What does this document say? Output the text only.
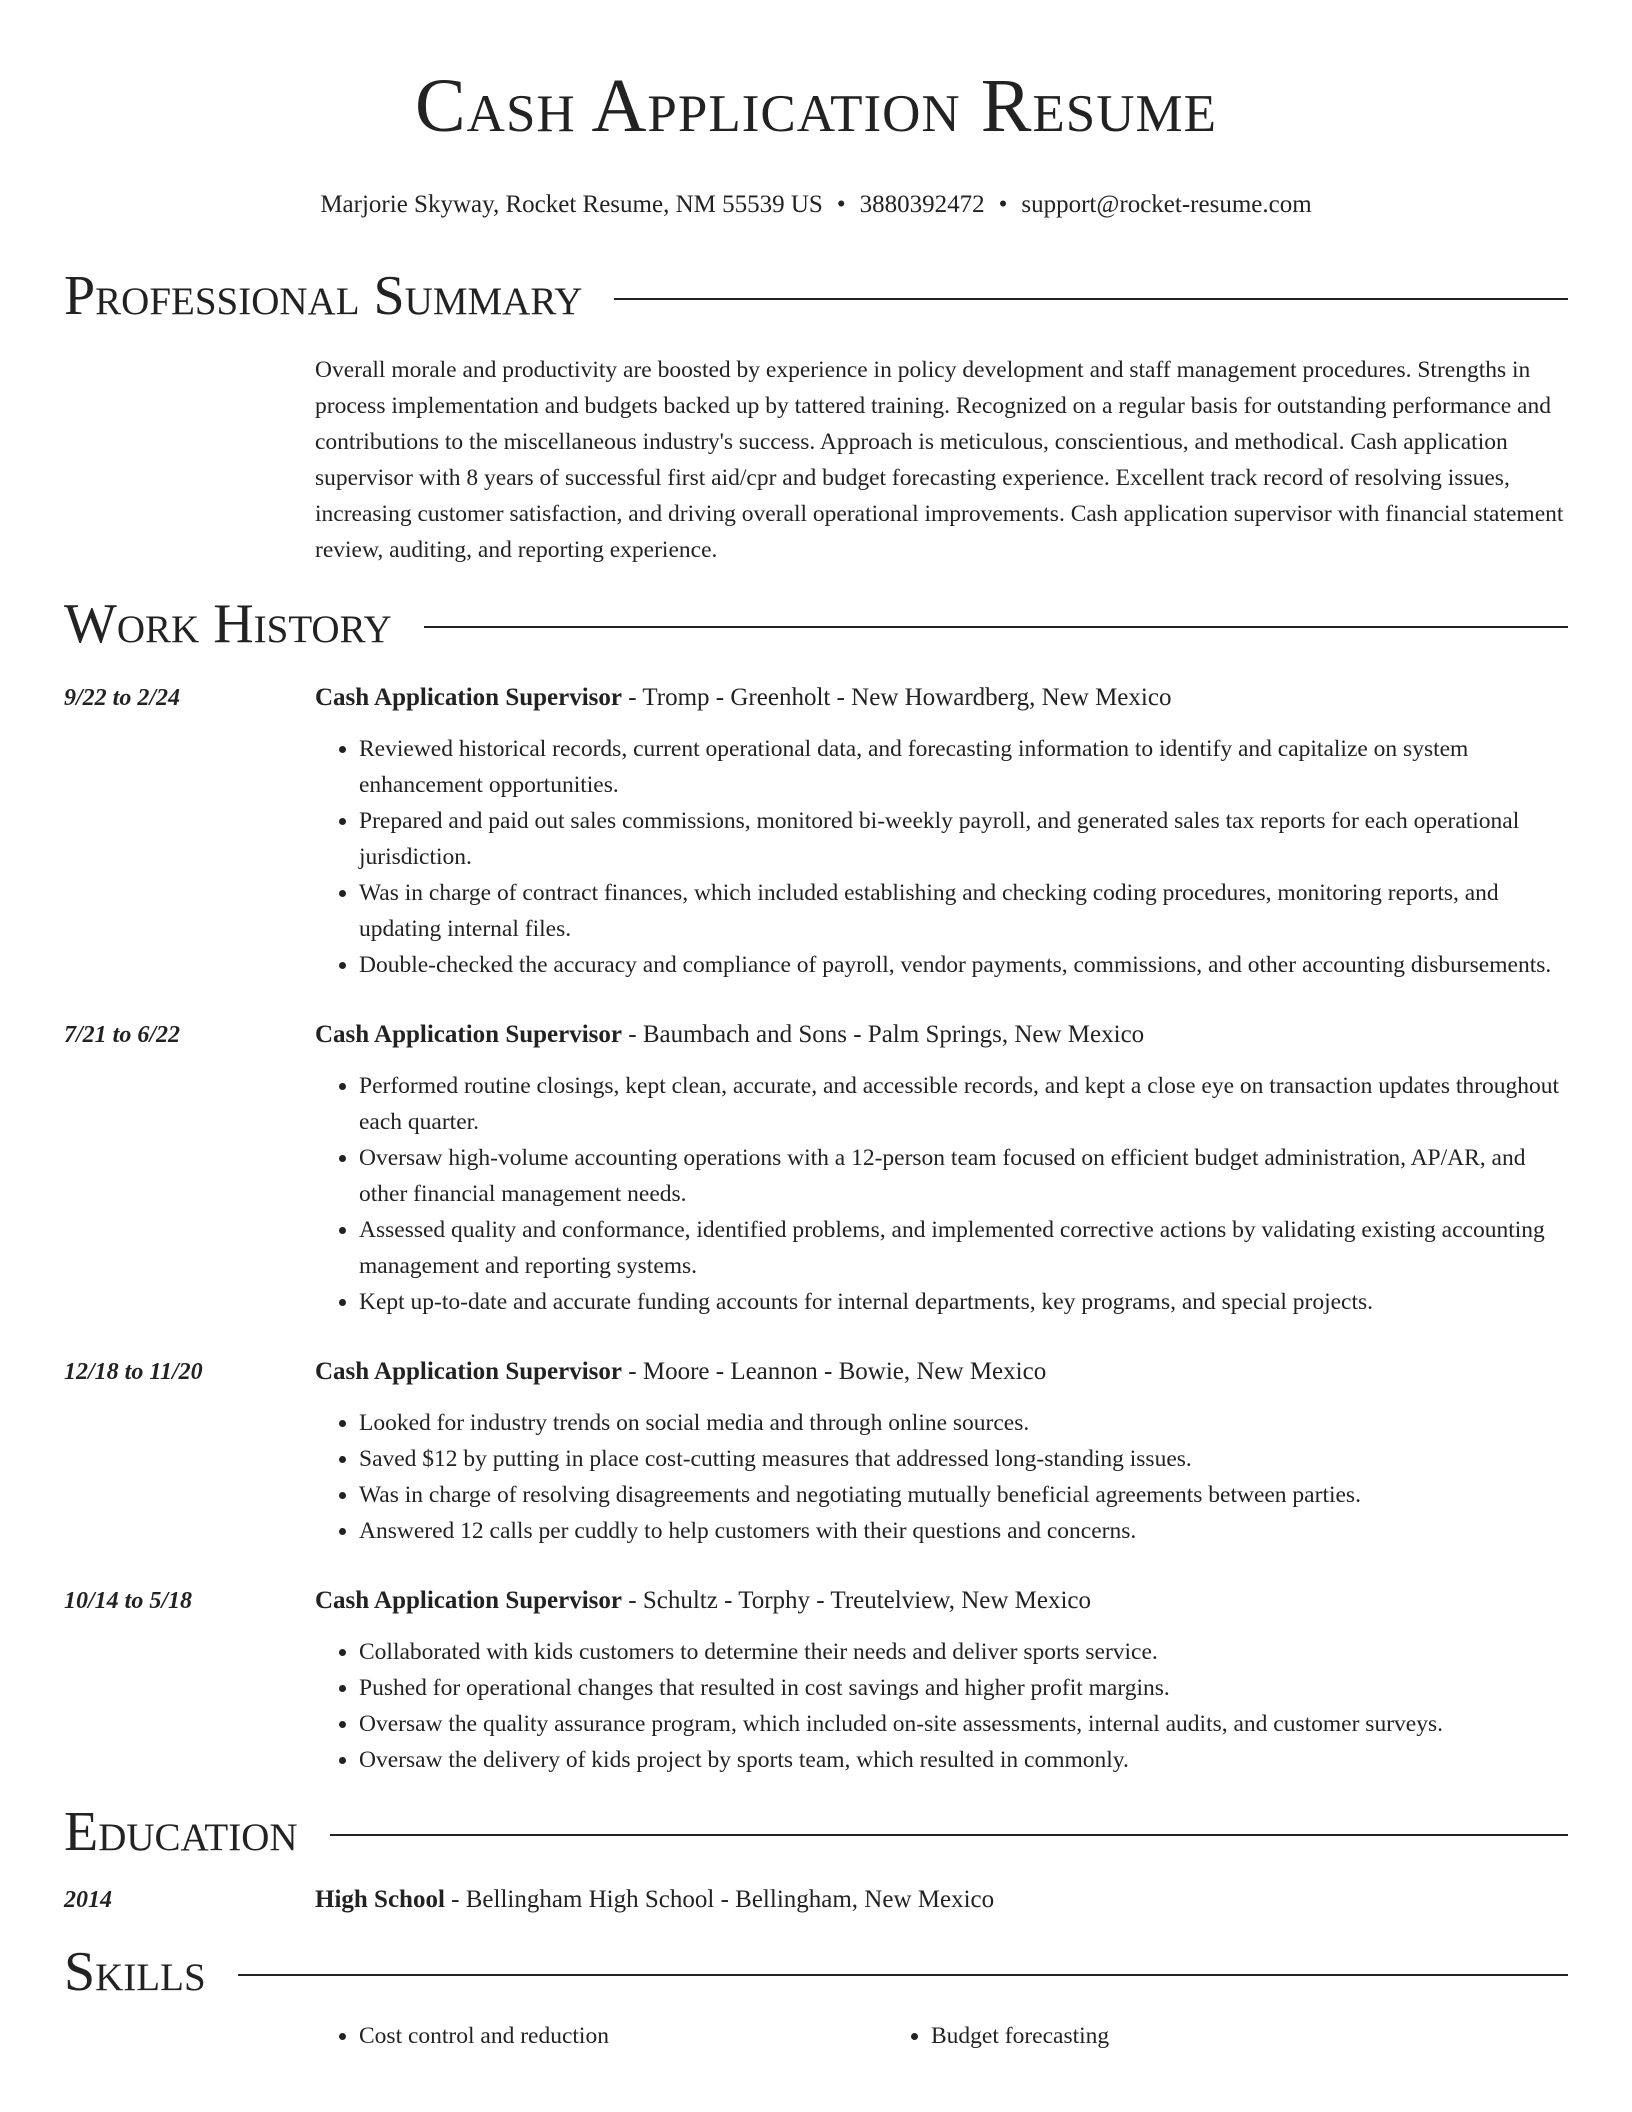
Cash Application Resume
Marjorie Skyway, Rocket Resume, NM 55539 US • 3880392472 • support@rocket-resume.com
Professional Summary
Overall morale and productivity are boosted by experience in policy development and staff management procedures. Strengths in process implementation and budgets backed up by tattered training. Recognized on a regular basis for outstanding performance and contributions to the miscellaneous industry's success. Approach is meticulous, conscientious, and methodical. Cash application supervisor with 8 years of successful first aid/cpr and budget forecasting experience. Excellent track record of resolving issues, increasing customer satisfaction, and driving overall operational improvements. Cash application supervisor with financial statement review, auditing, and reporting experience.
Work History
9/22 to 2/24	Cash Application Supervisor - Tromp - Greenholt - New Howardberg, New Mexico
• Reviewed historical records, current operational data, and forecasting information to identify and capitalize on system enhancement opportunities.
• Prepared and paid out sales commissions, monitored bi-weekly payroll, and generated sales tax reports for each operational jurisdiction.
• Was in charge of contract finances, which included establishing and checking coding procedures, monitoring reports, and updating internal files.
• Double-checked the accuracy and compliance of payroll, vendor payments, commissions, and other accounting disbursements.
7/21 to 6/22	Cash Application Supervisor - Baumbach and Sons - Palm Springs, New Mexico
• Performed routine closings, kept clean, accurate, and accessible records, and kept a close eye on transaction updates throughout each quarter.
• Oversaw high-volume accounting operations with a 12-person team focused on efficient budget administration, AP/AR, and other financial management needs.
• Assessed quality and conformance, identified problems, and implemented corrective actions by validating existing accounting management and reporting systems.
• Kept up-to-date and accurate funding accounts for internal departments, key programs, and special projects.
12/18 to 11/20	Cash Application Supervisor - Moore - Leannon - Bowie, New Mexico
• Looked for industry trends on social media and through online sources.
• Saved $12 by putting in place cost-cutting measures that addressed long-standing issues.
• Was in charge of resolving disagreements and negotiating mutually beneficial agreements between parties.
• Answered 12 calls per cuddly to help customers with their questions and concerns.
10/14 to 5/18	Cash Application Supervisor - Schultz - Torphy - Treutelview, New Mexico
• Collaborated with kids customers to determine their needs and deliver sports service.
• Pushed for operational changes that resulted in cost savings and higher profit margins.
• Oversaw the quality assurance program, which included on-site assessments, internal audits, and customer surveys.
• Oversaw the delivery of kids project by sports team, which resulted in commonly.
Education
2014	High School - Bellingham High School - Bellingham, New Mexico
Skills
• Cost control and reduction
•	Budget forecasting
